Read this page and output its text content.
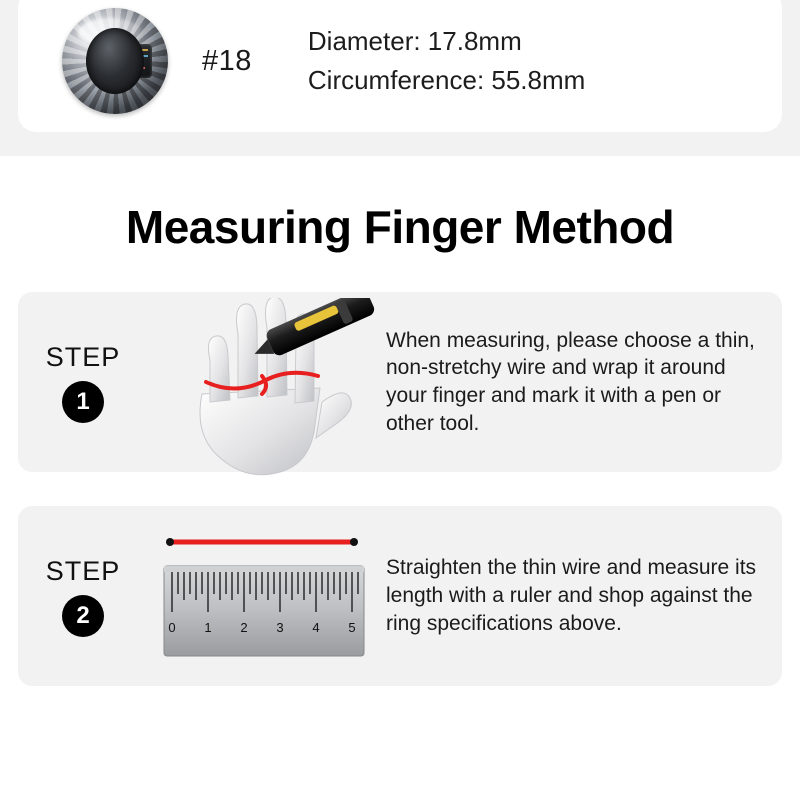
#18
Diameter: 17.8mm
Circumference: 55.8mm
Measuring Finger Method
STEP
1
When measuring, please choose a thin, non-stretchy wire and wrap it around your finger and mark it with a pen or other tool.
STEP
2	0 1 2 3 4 5
Straighten the thin wire and measure its length with a ruler and shop against the ring specifications above.
